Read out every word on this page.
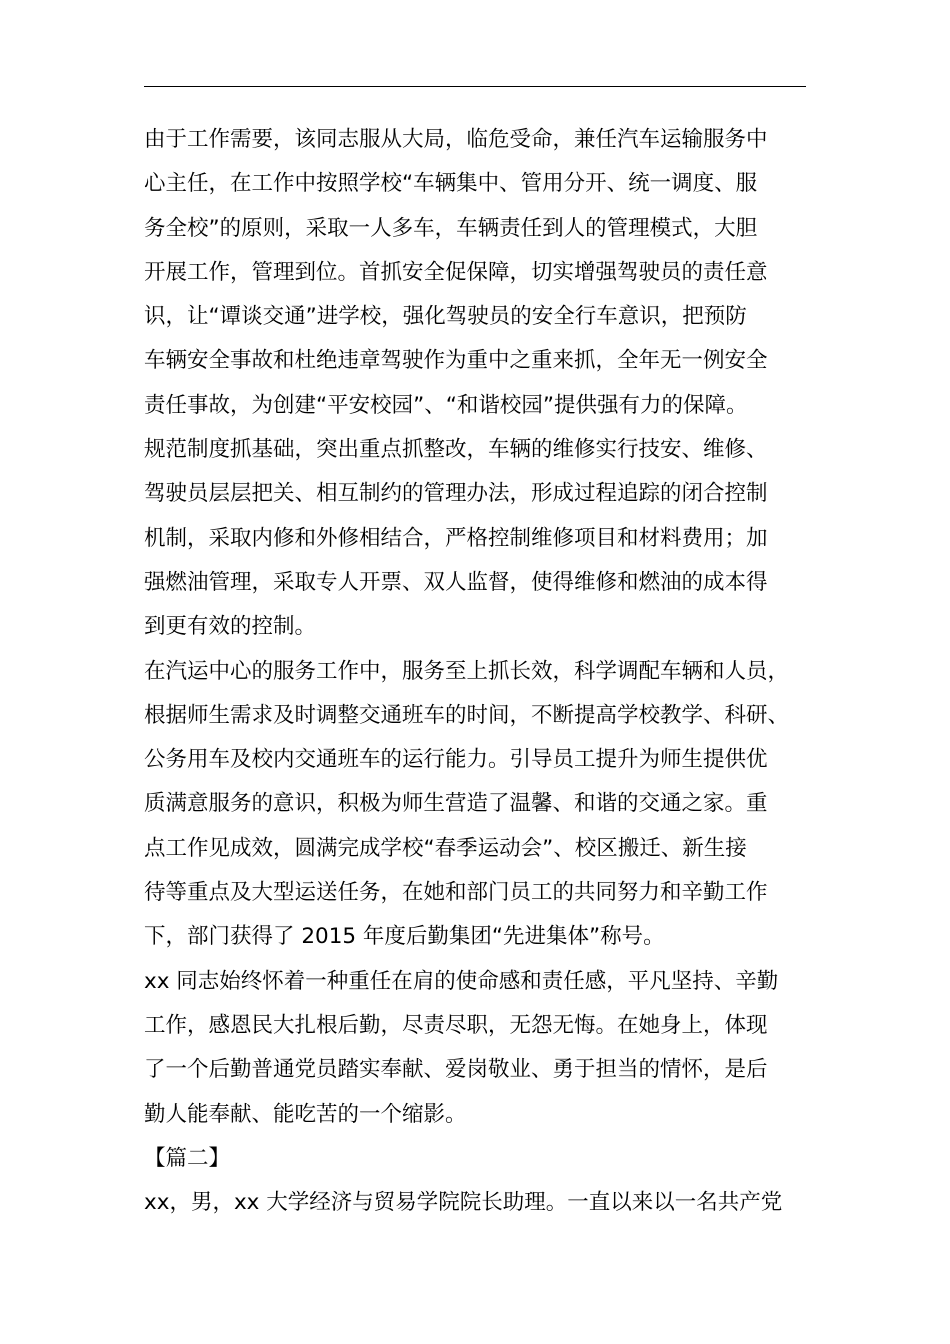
由于工作需要，该同志服从大局，临危受命，兼任汽车运输服务中
心主任，在工作中按照学校“车辆集中、管用分开、统一调度、服
务全校”的原则，采取一人多车，车辆责任到人的管理模式，大胆
开展工作，管理到位。首抓安全促保障，切实增强驾驶员的责任意
识，让“谭谈交通”进学校，强化驾驶员的安全行车意识，把预防
车辆安全事故和杜绝违章驾驶作为重中之重来抓，全年无一例安全
责任事故，为创建“平安校园”、“和谐校园”提供强有力的保障。
规范制度抓基础，突出重点抓整改，车辆的维修实行技安、维修、
驾驶员层层把关、相互制约的管理办法，形成过程追踪的闭合控制
机制，采取内修和外修相结合，严格控制维修项目和材料费用；加
强燃油管理，采取专人开票、双人监督，使得维修和燃油的成本得
到更有效的控制。
在汽运中心的服务工作中，服务至上抓长效，科学调配车辆和人员，
根据师生需求及时调整交通班车的时间，不断提高学校教学、科研、
公务用车及校内交通班车的运行能力。引导员工提升为师生提供优
质满意服务的意识，积极为师生营造了温馨、和谐的交通之家。重
点工作见成效，圆满完成学校“春季运动会”、校区搬迁、新生接
待等重点及大型运送任务，在她和部门员工的共同努力和辛勤工作
下，部门获得了 2015 年度后勤集团“先进集体”称号。
xx 同志始终怀着一种重任在肩的使命感和责任感，平凡坚持、辛勤
工作，感恩民大扎根后勤，尽责尽职，无怨无悔。在她身上，体现
了一个后勤普通党员踏实奉献、爱岗敬业、勇于担当的情怀，是后
勤人能奉献、能吃苦的一个缩影。
【篇二】
xx，男，xx 大学经济与贸易学院院长助理。一直以来以一名共产党
